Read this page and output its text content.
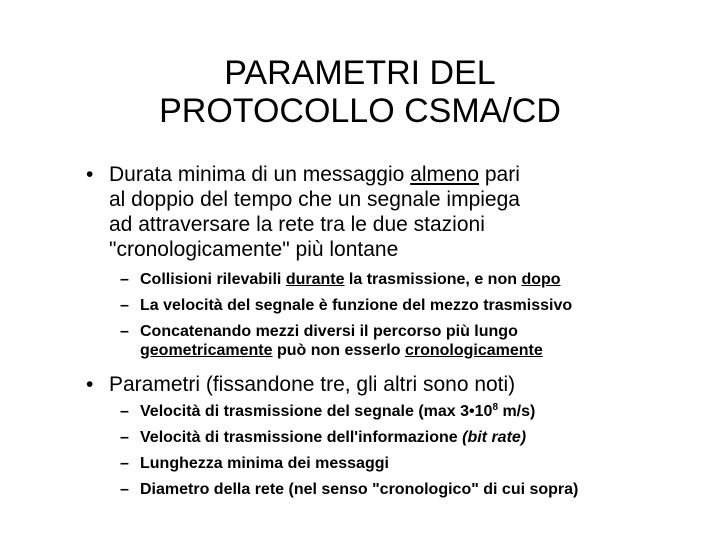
PARAMETRI DEL
PROTOCOLLO CSMA/CD
• Durata minima di un messaggio almeno pari
al doppio del tempo che un segnale impiega
ad attraversare la rete tra le due stazioni
"cronologicamente" più lontane
– Collisioni rilevabili durante la trasmissione, e non dopo
– La velocità del segnale è funzione del mezzo trasmissivo
– Concatenando mezzi diversi il percorso più lungo
geometricamente può non esserlo cronologicamente
• Parametri (fissandone tre, gli altri sono noti)
– Velocità di trasmissione del segnale (max $3•10^8$ m/s)
– Velocità di trasmissione dell'informazione (bit rate)
– Lunghezza minima dei messaggi
– Diametro della rete (nel senso "cronologico" di cui sopra)
